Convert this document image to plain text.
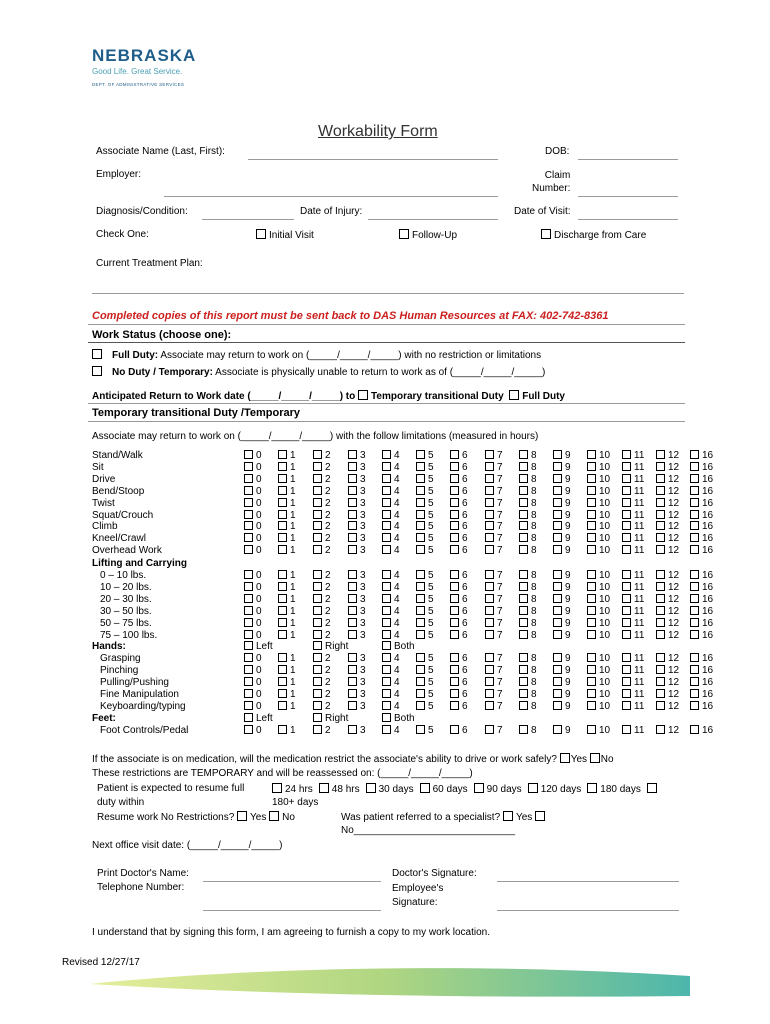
NEBRASKA
Good Life. Great Service.
DEPT. OF ADMINISTRATIVE SERVICES
Workability Form
Associate Name (Last, First):	DOB:
Employer:	Claim
Number:
Diagnosis/Condition:	Date of Injury:	Date of Visit:
Check One:	Initial Visit	Follow-Up	Discharge from Care
Current Treatment Plan:
Completed copies of this report must be sent back to DAS Human Resources at FAX: 402-742-8361
Work Status (choose one):
Full Duty: Associate may return to work on (_____/_____/_____) with no restriction or limitations
No Duty / Temporary: Associate is physically unable to return to work as of (_____/_____/_____)
Anticipated Return to Work date (_____/_____/_____) to Temporary transitional Duty Full Duty
Temporary transitional Duty /Temporary
Associate may return to work on (_____/_____/_____) with the follow limitations (measured in hours)
Stand/Walk	0	1	2	3	4	5	6	7	8	9	10	11	12	16
Sit	0	1	2	3	4	5	6	7	8	9	10	11	12	16
Drive	0	1	2	3	4	5	6	7	8	9	10	11	12	16
Bend/Stoop	0	1	2	3	4	5	6	7	8	9	10	11	12	16
Twist	0	1	2	3	4	5	6	7	8	9	10	11	12	16
Squat/Crouch	0	1	2	3	4	5	6	7	8	9	10	11	12	16
Climb	0	1	2	3	4	5	6	7	8	9	10	11	12	16
Kneel/Crawl	0	1	2	3	4	5	6	7	8	9	10	11	12	16
Overhead Work	0	1	2	3	4	5	6	7	8	9	10	11	12	16
Lifting and Carrying
0 – 10 lbs.	0	1	2	3	4	5	6	7	8	9	10	11	12	16
10 – 20 lbs.	0	1	2	3	4	5	6	7	8	9	10	11	12	16
20 – 30 lbs.	0	1	2	3	4	5	6	7	8	9	10	11	12	16
30 – 50 lbs.	0	1	2	3	4	5	6	7	8	9	10	11	12	16
50 – 75 lbs.	0	1	2	3	4	5	6	7	8	9	10	11	12	16
75 – 100 lbs.	0	1	2	3	4	5	6	7	8	9	10	11	12	16
Hands:	Left	Right	Both
Grasping	0	1	2	3	4	5	6	7	8	9	10	11	12	16
Pinching	0	1	2	3	4	5	6	7	8	9	10	11	12	16
Pulling/Pushing	0	1	2	3	4	5	6	7	8	9	10	11	12	16
Fine Manipulation	0	1	2	3	4	5	6	7	8	9	10	11	12	16
Keyboarding/typing	0	1	2	3	4	5	6	7	8	9	10	11	12	16
Feet:	Left	Right	Both
Foot Controls/Pedal	0	1	2	3	4	5	6	7	8	9	10	11	12	16
If the associate is on medication, will the medication restrict the associate's ability to drive or work safely? Yes No
These restrictions are TEMPORARY and will be reassessed on: (_____/_____/_____)
Patient is expected to resume full
duty within
24 hrs 48 hrs 30 days 60 days 90 days 120 days 180 days
180+ days
Resume work No Restrictions? Yes No	Was patient referred to a specialist? Yes
No_____________________________
Next office visit date: (_____/_____/_____)
Print Doctor's Name:
Telephone Number:
Doctor's Signature:
Employee's
Signature:
I understand that by signing this form, I am agreeing to furnish a copy to my work location.
Revised 12/27/17
